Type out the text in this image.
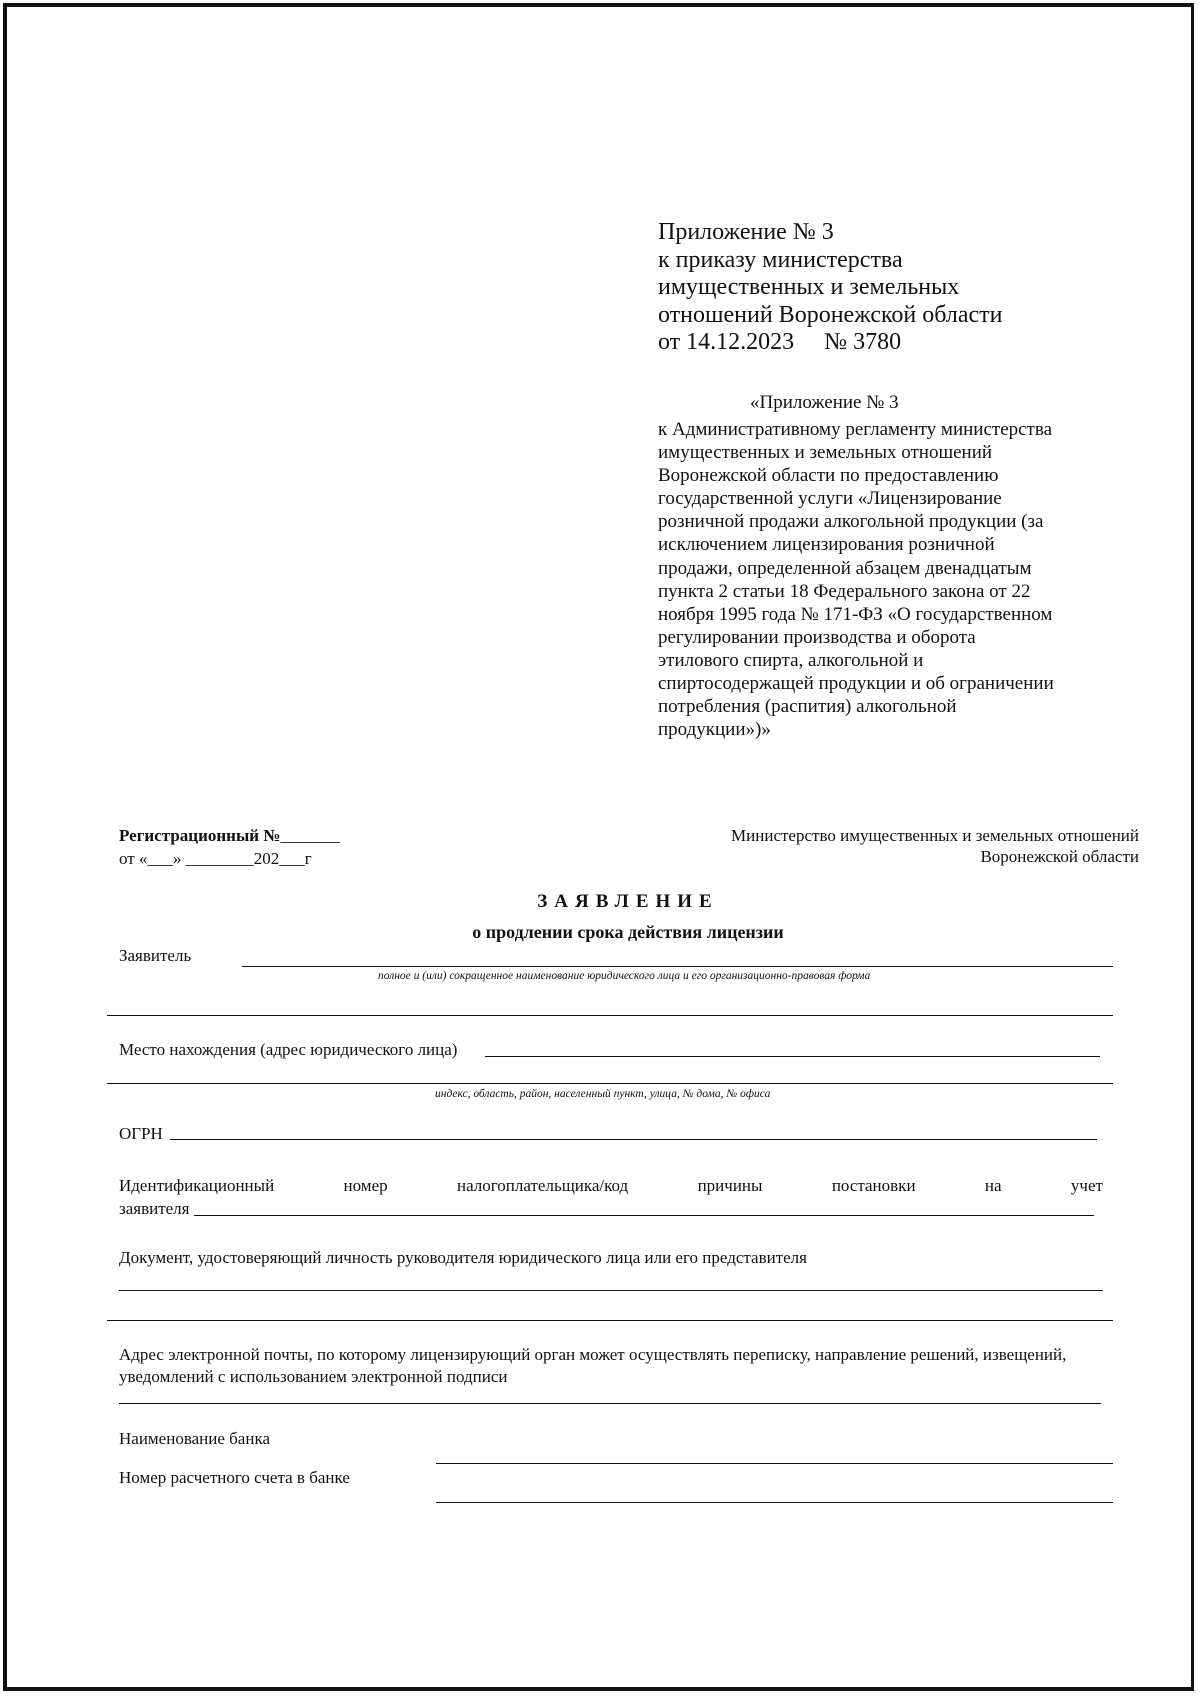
Приложение № 3
к приказу министерства
имущественных и земельных
отношений Воронежской области
от 14.12.2023 № 3780
«Приложение № 3
к Административному регламенту министерства
имущественных и земельных отношений
Воронежской области по предоставлению
государственной услуги «Лицензирование
розничной продажи алкогольной продукции (за
исключением лицензирования розничной
продажи, определенной абзацем двенадцатым
пункта 2 статьи 18 Федерального закона от 22
ноября 1995 года № 171-ФЗ «О государственном
регулировании производства и оборота
этилового спирта, алкогольной и
спиртосодержащей продукции и об ограничении
потребления (распития) алкогольной
продукции»)»
Регистрационный №_______
от «___» ________202___г
Министерство имущественных и земельных отношений
Воронежской области
ЗАЯВЛЕНИЕ
о продлении срока действия лицензии
Заявитель
полное и (или) сокращенное наименование юридического лица и его организационно-правовая форма
Место нахождения (адрес юридического лица)
индекс, область, район, населенный пункт, улица, № дома, № офиса
ОГРН
Идентификационный	номер	налогоплательщика/код	причины	постановки	на	учет
заявителя
Документ, удостоверяющий личность руководителя юридического лица или его представителя
Адрес электронной почты, по которому лицензирующий орган может осуществлять переписку, направление решений, извещений, уведомлений с использованием электронной подписи
Наименование банка
Номер расчетного счета в банке
